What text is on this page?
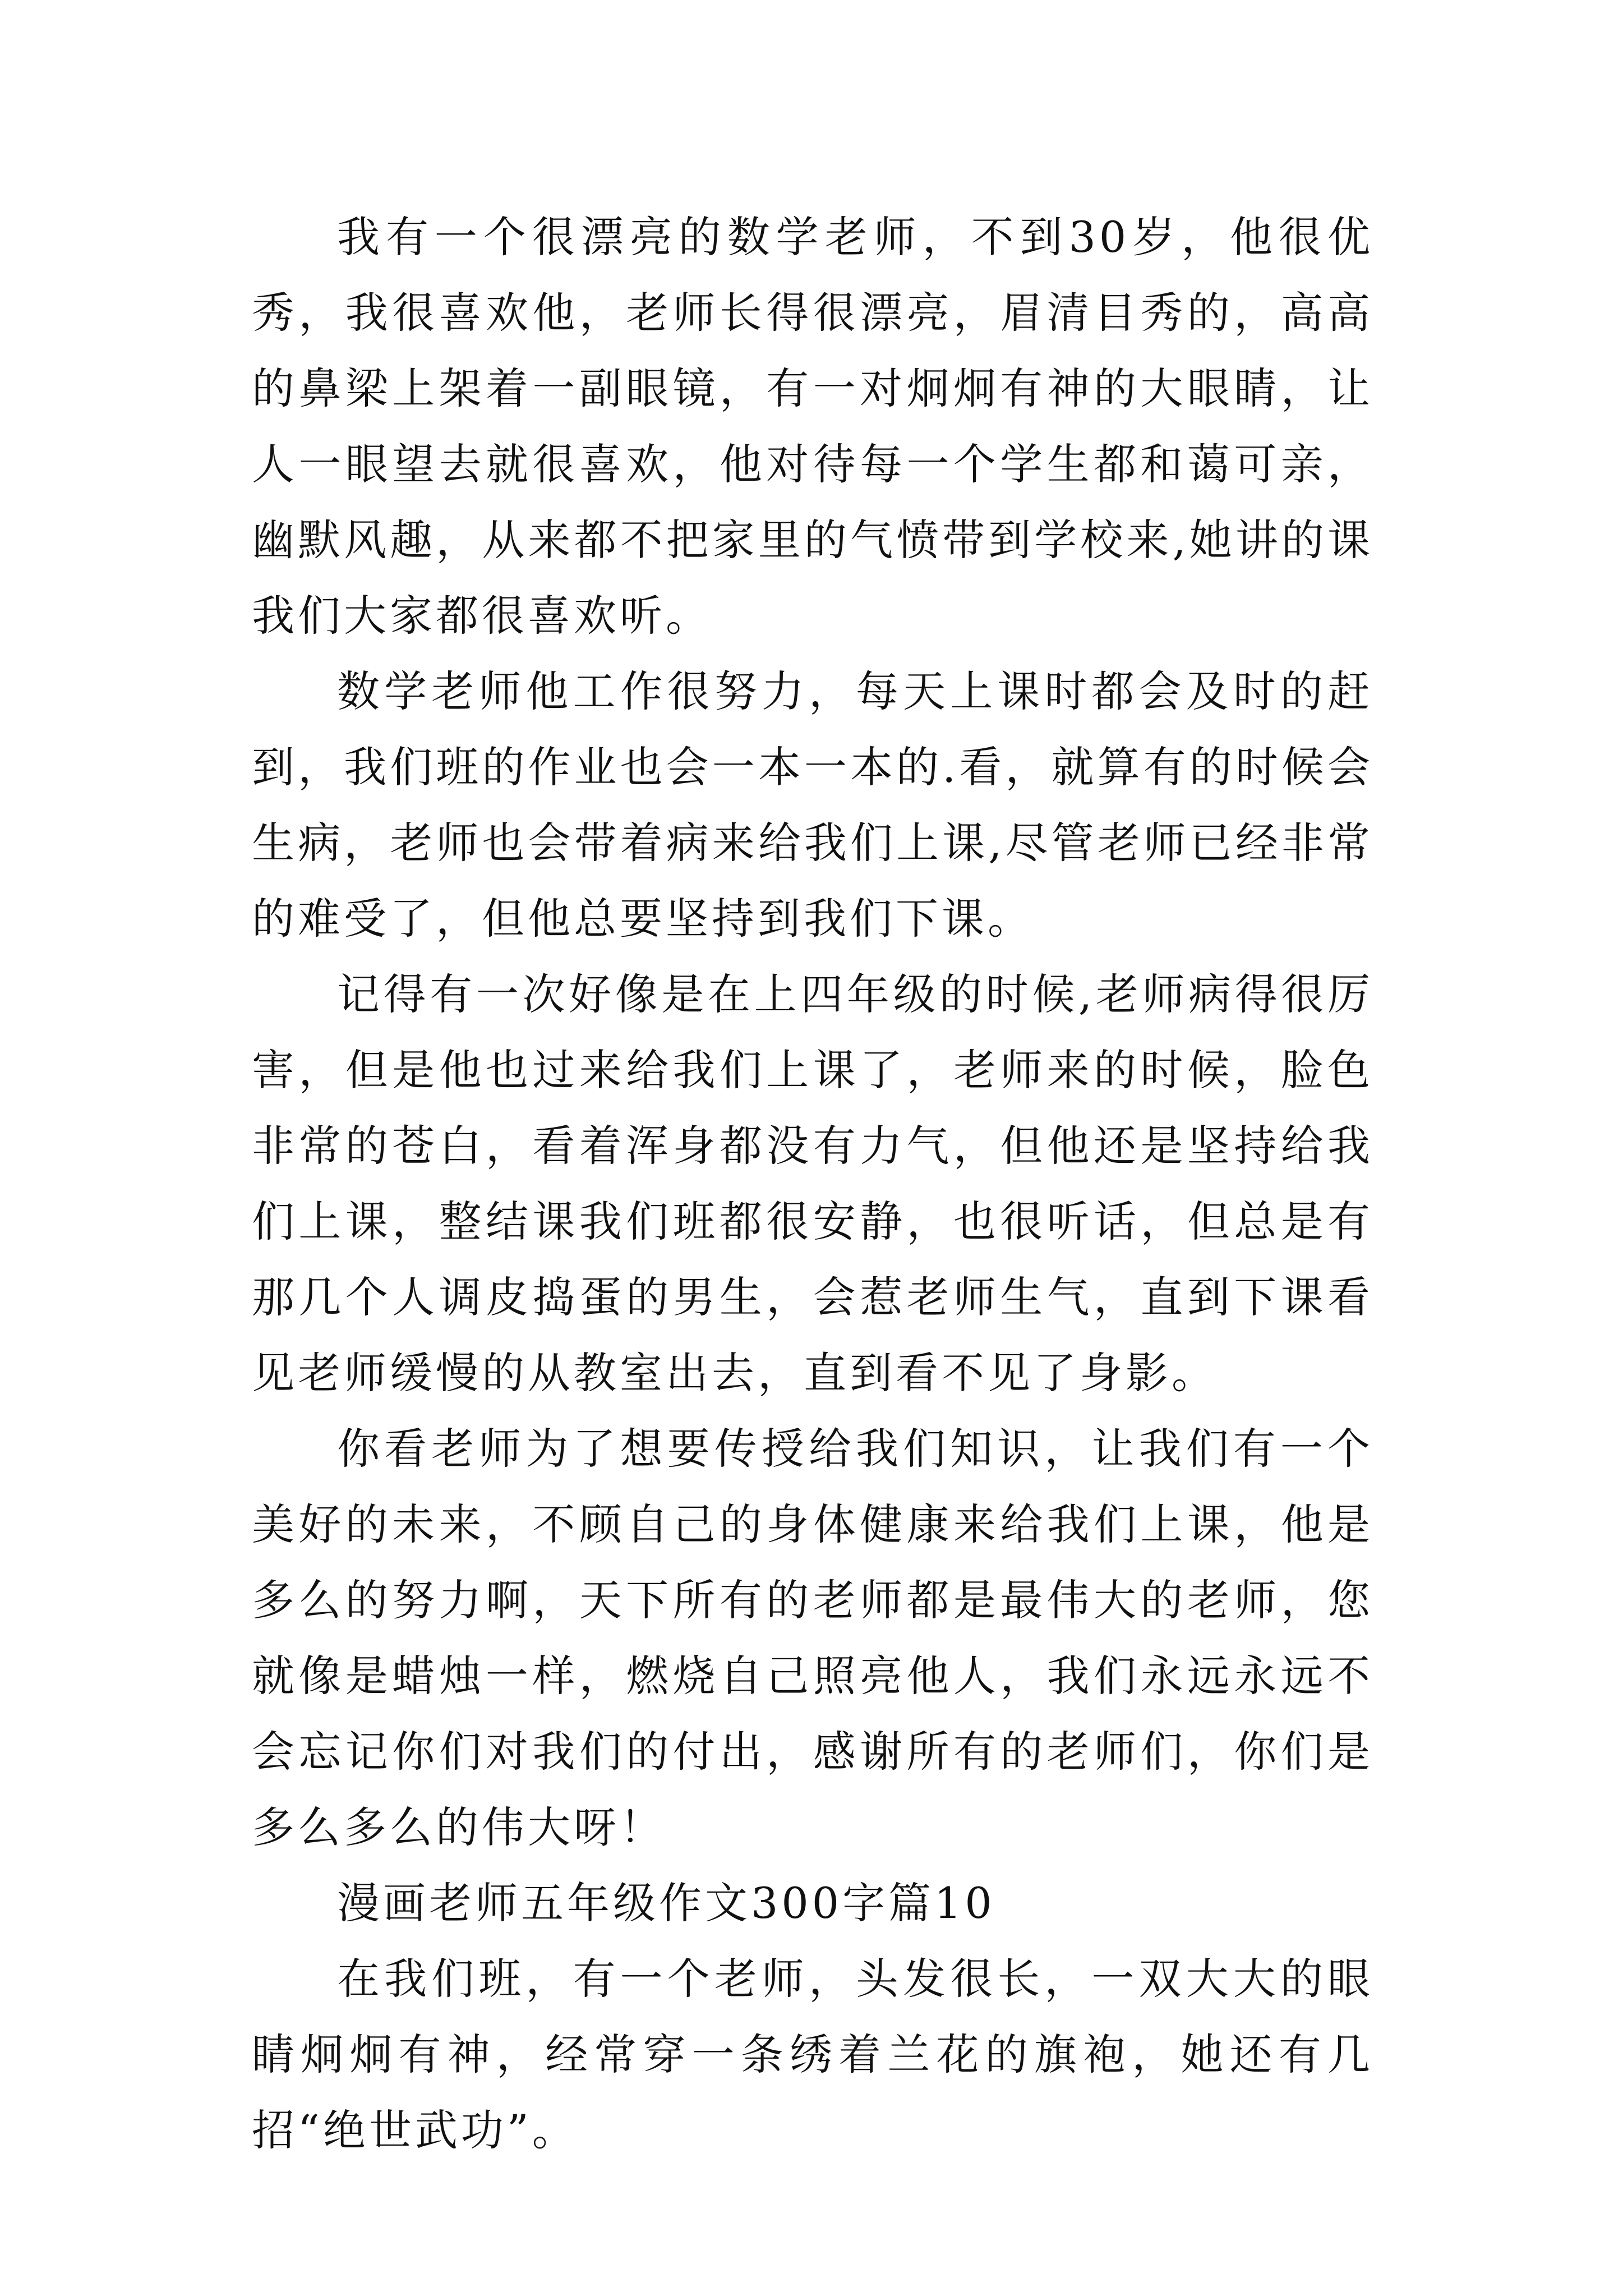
我有一个很漂亮的数学老师，不到30岁，他很优秀，我很喜欢他，老师长得很漂亮，眉清目秀的，高高的鼻梁上架着一副眼镜，有一对炯炯有神的大眼睛，让人一眼望去就很喜欢，他对待每一个学生都和蔼可亲，幽默风趣，从来都不把家里的气愤带到学校来,她讲的课我们大家都很喜欢听。

数学老师他工作很努力，每天上课时都会及时的赶到，我们班的作业也会一本一本的.看，就算有的时候会生病，老师也会带着病来给我们上课,尽管老师已经非常的难受了，但他总要坚持到我们下课。

记得有一次好像是在上四年级的时候,老师病得很厉害，但是他也过来给我们上课了，老师来的时候，脸色非常的苍白，看着浑身都没有力气，但他还是坚持给我们上课，整结课我们班都很安静，也很听话，但总是有那几个人调皮捣蛋的男生，会惹老师生气，直到下课看见老师缓慢的从教室出去，直到看不见了身影。

你看老师为了想要传授给我们知识，让我们有一个美好的未来，不顾自己的身体健康来给我们上课，他是多么的努力啊，天下所有的老师都是最伟大的老师，您就像是蜡烛一样，燃烧自己照亮他人，我们永远永远不会忘记你们对我们的付出，感谢所有的老师们，你们是多么多么的伟大呀！

漫画老师五年级作文300字篇10

在我们班，有一个老师，头发很长，一双大大的眼睛炯炯有神，经常穿一条绣着兰花的旗袍，她还有几招“绝世武功”。
